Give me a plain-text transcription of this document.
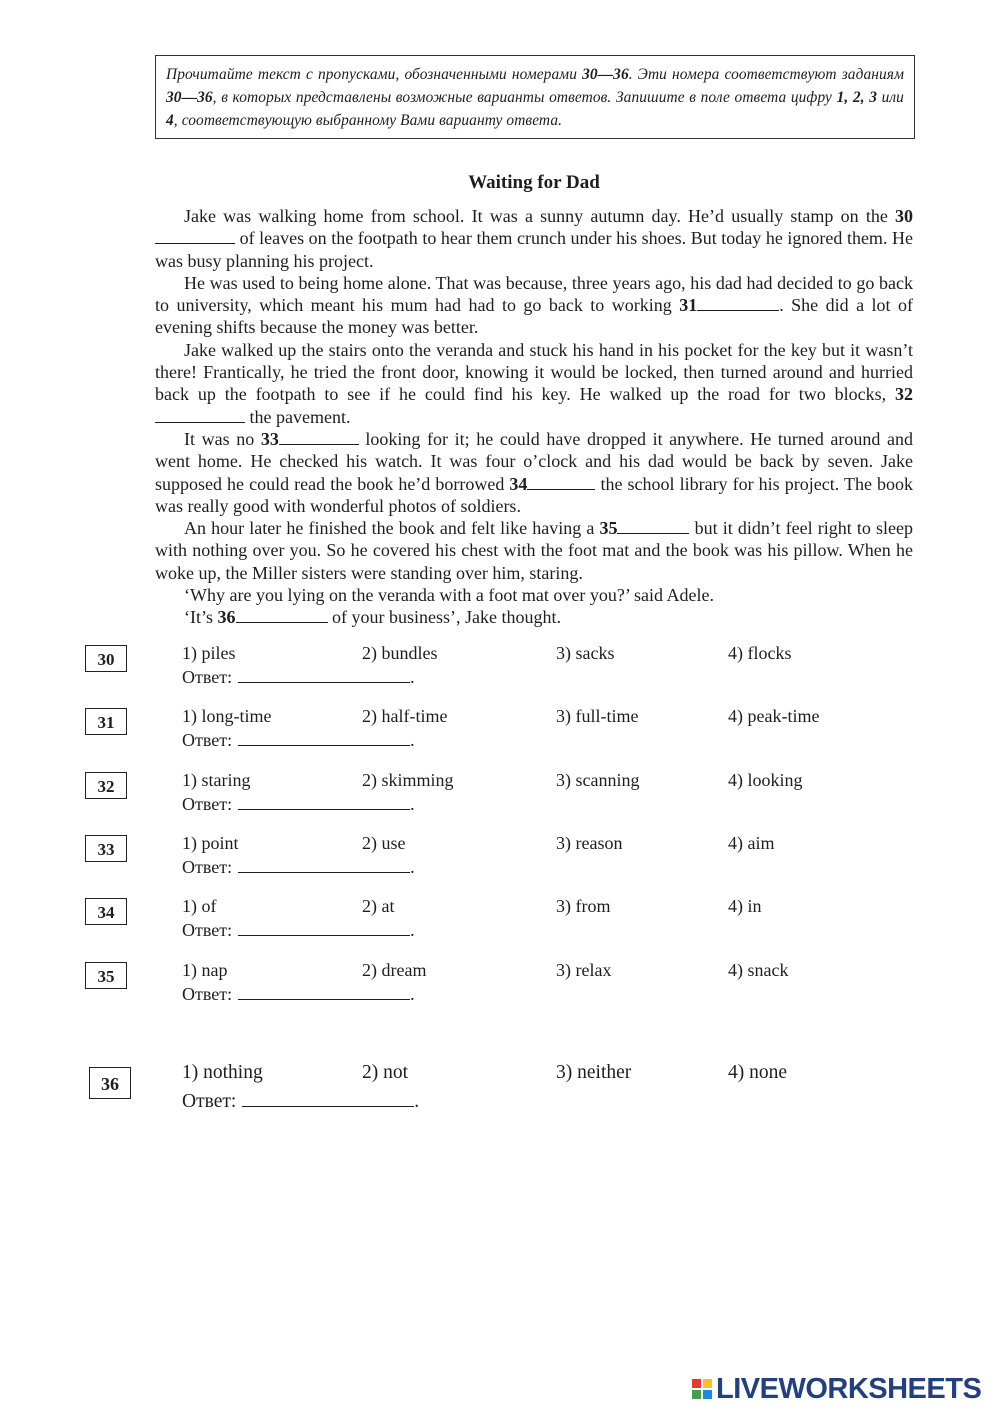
Прочитайте текст с пропусками, обозначенными номерами 30—36. Эти номера соответствуют заданиям 30—36, в которых представлены возможные варианты ответов. Запишите в поле ответа цифру 1, 2, 3 или 4, соответствующую выбранному Вами варианту ответа.
Waiting for Dad

Jake was walking home from school. It was a sunny autumn day. He’d usually stamp on the 30 of leaves on the footpath to hear them crunch under his shoes. But today he ignored them. He was busy planning his project.

He was used to being home alone. That was because, three years ago, his dad had decided to go back to university, which meant his mum had had to go back to working 31	. She did a lot of evening shifts because the money was better.

Jake walked up the stairs onto the veranda and stuck his hand in his pocket for the key but it wasn’t there! Frantically, he tried the front door, knowing it would be locked, then turned around and hurried back up the footpath to see if he could find his key. He walked up the road for two blocks, 32 the pavement.

It was no 33	looking for it; he could have dropped it anywhere. He turned around and went home. He checked his watch. It was four o’clock and his dad would be back by seven. Jake supposed he could read the book he’d borrowed 34	the school library for his project. The book was really good with wonderful photos of soldiers.

An hour later he finished the book and felt like having a 35	but it didn’t feel right to sleep with nothing over you. So he covered his chest with the foot mat and the book was his pillow. When he woke up, the Miller sisters were standing over him, staring.

‘Why are you lying on the veranda with a foot mat over you?’ said Adele.

‘It’s 36	of your business’, Jake thought.

30	1) piles	2) bundles	3) sacks	4) flocks
Ответ:	.
31	1) long-time	2) half-time	3) full-time	4) peak-time
Ответ:	.
32	1) staring	2) skimming	3) scanning	4) looking
Ответ:	.
33	1) point	2) use	3) reason	4) aim
Ответ:	.
34	1) of	2) at	3) from	4) in
Ответ:	.
35	1) nap	2) dream	3) relax	4) snack
Ответ:	.
36
1) nothing	2) not	3) neither	4) none
Ответ:	.
LIVEWORKSHEETS
